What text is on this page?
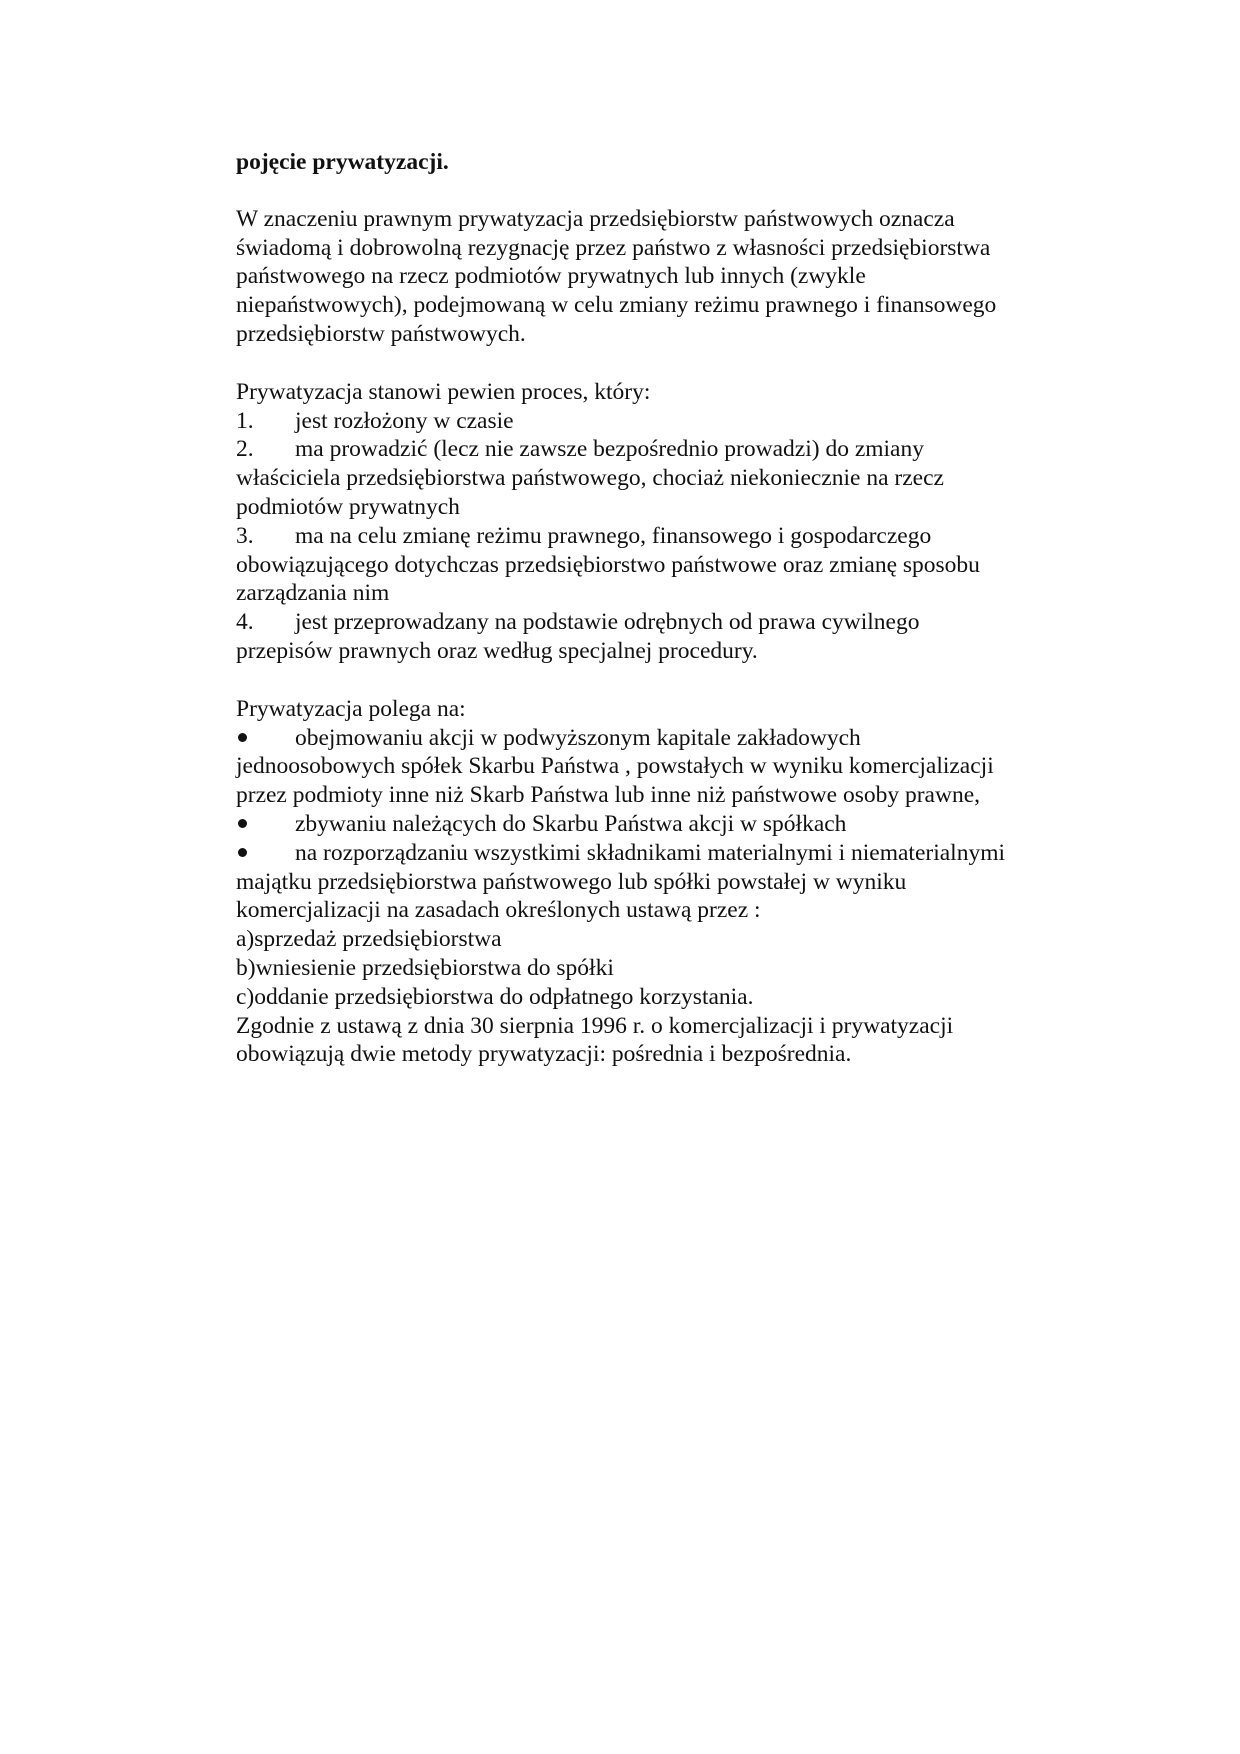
pojęcie prywatyzacji.
W znaczeniu prawnym prywatyzacja przedsiębiorstw państwowych oznacza świadomą i dobrowolną rezygnację przez państwo z własności przedsiębiorstwa państwowego na rzecz podmiotów prywatnych lub innych (zwykle niepaństwowych), podejmowaną w celu zmiany reżimu prawnego i finansowego przedsiębiorstw państwowych.
Prywatyzacja stanowi pewien proces, który:
1. jest rozłożony w czasie
2. ma prowadzić (lecz nie zawsze bezpośrednio prowadzi) do zmiany właściciela przedsiębiorstwa państwowego, chociaż niekoniecznie na rzecz podmiotów prywatnych
3. ma na celu zmianę reżimu prawnego, finansowego i gospodarczego obowiązującego dotychczas przedsiębiorstwo państwowe oraz zmianę sposobu zarządzania nim
4. jest przeprowadzany na podstawie odrębnych od prawa cywilnego przepisów prawnych oraz według specjalnej procedury.
Prywatyzacja polega na:
obejmowaniu akcji w podwyższonym kapitale zakładowych jednoosobowych spółek Skarbu Państwa , powstałych w wyniku komercjalizacji przez podmioty inne niż Skarb Państwa lub inne niż państwowe osoby prawne,
zbywaniu należących do Skarbu Państwa akcji w spółkach
na rozporządzaniu wszystkimi składnikami materialnymi i niematerialnymi majątku przedsiębiorstwa państwowego lub spółki powstałej w wyniku komercjalizacji na zasadach określonych ustawą przez :
a)sprzedaż przedsiębiorstwa
b)wniesienie przedsiębiorstwa do spółki
c)oddanie przedsiębiorstwa do odpłatnego korzystania.
Zgodnie z ustawą z dnia 30 sierpnia 1996 r. o komercjalizacji i prywatyzacji obowiązują dwie metody prywatyzacji: pośrednia i bezpośrednia.
